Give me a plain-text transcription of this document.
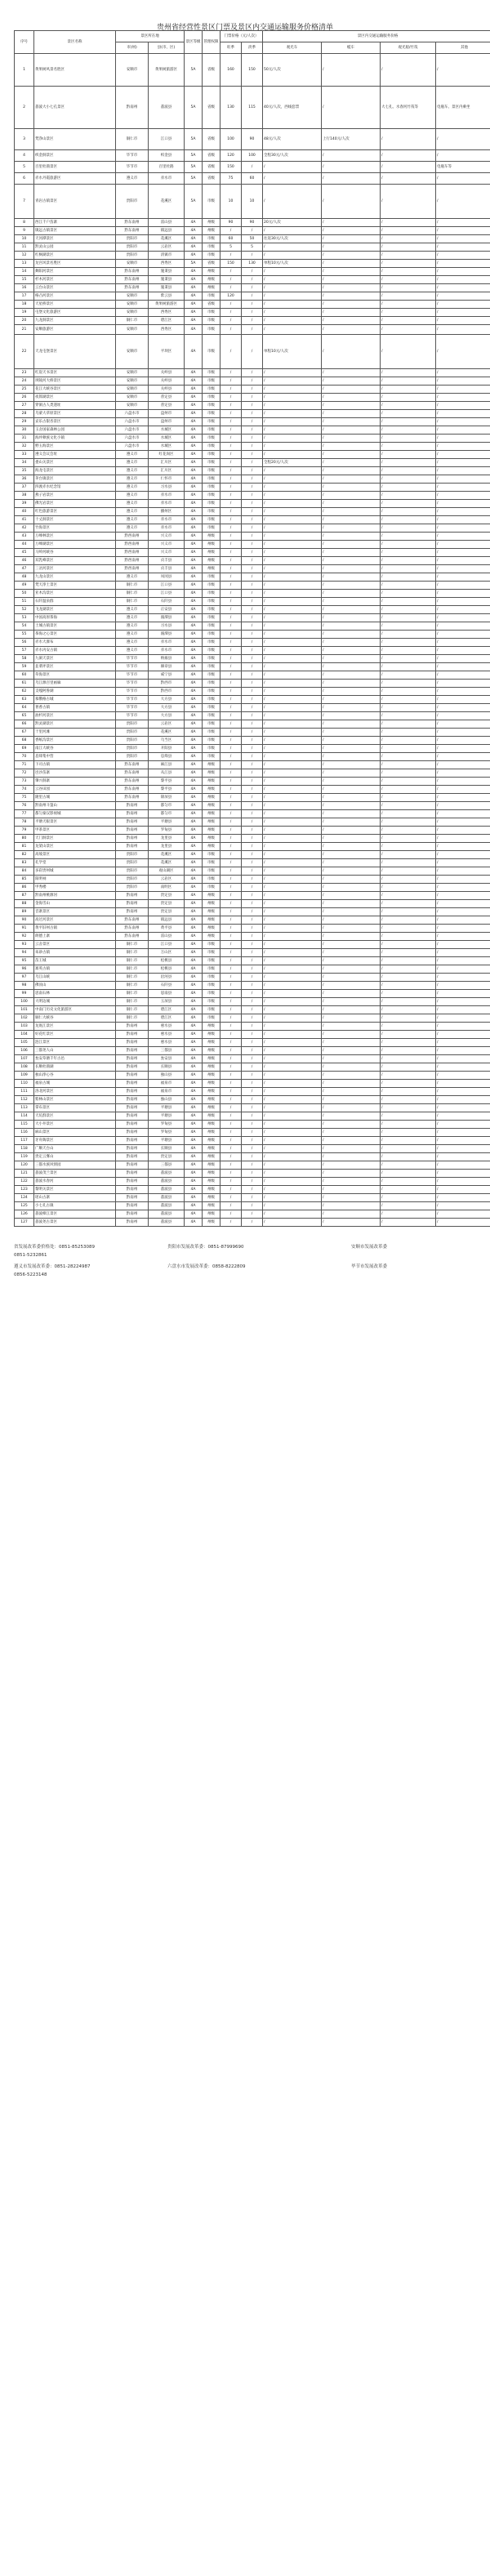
贵州省经营性景区门票及景区内交通运输服务价格清单
序号	景区名称	景区所在地		景区等级	管理权限	门票价格（元/人次）		景区内交通运输服务价格			
		市(州)	县(市、区)			旺季	淡季	观光车	缆车	观光船/竹筏	其他
1	黄果树风景名胜区	安顺市	黄果树旅游区	5A	省级	160	150	50元/人次	/	/	/
2	荔波大小七孔景区	黔南州	荔波县	5A	省级	130	115	40元/人次，西线套票	/	大七孔、水春河竹筏等	电瓶车、景区内乘坐
3	梵净山景区	铜仁市	江口县	5A	省级	100	90	48元/人次	上行140元/人次	/	/
4	织金洞景区	毕节市	织金县	5A	省级	120	100	全程30元/人次	/	/	/
5	百里杜鹃景区	毕节市	百里杜鹃	5A	省级	150	/	/	/	/	电瓶车等
6	赤水丹霞旅游区	遵义市	赤水市	5A	省级	75	60	/	/	/	/
7	青岩古镇景区	贵阳市	花溪区	5A	市级	10	10	/	/	/	/
8	西江千户苗寨	黔东南州	雷山县	4A	州级	90	90	20元/人次	/	/	/
9	镇远古镇景区	黔东南州	镇远县	4A	州级	/	/	/	/	/	/
10	天河潭景区	贵阳市	花溪区	4A	市级	60	50	往返30元/人次	/	/	/
11	黔灵山公园	贵阳市	云岩区	4A	市级	5	5	/	/	/	/
12	红枫湖景区	贵阳市	清镇市	4A	市级	/	/	/	/	/	/
13	龙宫风景名胜区	安顺市	西秀区	5A	省级	150	130	单程10元/人次	/	/	/
14	舞阳河景区	黔东南州	施秉县	4A	州级	/	/	/	/	/	/
15	杉木河景区	黔东南州	施秉县	4A	州级	/	/	/	/	/	/
16	云台山景区	黔东南州	施秉县	4A	州级	/	/	/	/	/	/
17	格凸河景区	安顺市	紫云县	4A	市级	120	/	/	/	/	/
18	天星桥景区	安顺市	黄果树旅游区	4A	省级	/	/	/	/	/	/
19	屯堡文化旅游区	安顺市	西秀区	4A	市级	/	/	/	/	/	/
20	九龙洞景区	铜仁市	碧江区	4A	市级	/	/	/	/	/	/
21	安顺旅游区	安顺市	西秀区	4A	市级	/	/	/	/	/	/
22	天龙屯堡景区	安顺市	平坝区	4A	市级	/	/	单程10元/人次	/	/	/
23	红崖天书景区	安顺市	关岭县	4A	市级	/	/	/	/	/	/
24	坝陵河大桥景区	安顺市	关岭县	4A	市级	/	/	/	/	/	/
25	花江大峡谷景区	安顺市	关岭县	4A	市级	/	/	/	/	/	/
26	夜郎湖景区	安顺市	普定县	4A	市级	/	/	/	/	/	/
27	穿洞古人类遗址	安顺市	普定县	4A	市级	/	/	/	/	/	/
28	乌蒙大草原景区	六盘水市	盘州市	4A	市级	/	/	/	/	/	/
29	妥乐古银杏景区	六盘水市	盘州市	4A	市级	/	/	/	/	/	/
30	玉舍国家森林公园	六盘水市	水城区	4A	市级	/	/	/	/	/	/
31	海坪彝族文化小镇	六盘水市	水城区	4A	市级	/	/	/	/	/	/
32	野玉海景区	六盘水市	水城区	4A	市级	/	/	/	/	/	/
33	遵义会议会址	遵义市	红花岗区	4A	市级	/	/	/	/	/	/
34	娄山关景区	遵义市	汇川区	4A	市级	/	/	全程20元/人次	/	/	/
35	海龙屯景区	遵义市	汇川区	4A	市级	/	/	/	/	/	/
36	茅台镇景区	遵义市	仁怀市	4A	市级	/	/	/	/	/	/
37	四渡赤水纪念馆	遵义市	习水县	4A	市级	/	/	/	/	/	/
38	燕子岩景区	遵义市	赤水市	4A	市级	/	/	/	/	/	/
39	佛光岩景区	遵义市	赤水市	4A	市级	/	/	/	/	/	/
40	红色旅游景区	遵义市	播州区	4A	市级	/	/	/	/	/	/
41	十丈洞景区	遵义市	赤水市	4A	市级	/	/	/	/	/	/
42	竹海景区	遵义市	赤水市	4A	市级	/	/	/	/	/	/
43	万峰林景区	黔西南州	兴义市	4A	州级	/	/	/	/	/	/
44	万峰湖景区	黔西南州	兴义市	4A	州级	/	/	/	/	/	/
45	马岭河峡谷	黔西南州	兴义市	4A	州级	/	/	/	/	/	/
46	双乳峰景区	黔西南州	贞丰县	4A	州级	/	/	/	/	/	/
47	三岔河景区	黔西南州	贞丰县	4A	州级	/	/	/	/	/	/
48	九龙山景区	遵义市	凤冈县	4A	市级	/	/	/	/	/	/
49	梵天净土景区	铜仁市	江口县	4A	市级	/	/	/	/	/	/
50	亚木沟景区	铜仁市	江口县	4A	市级	/	/	/	/	/	/
51	石阡温泉群	铜仁市	石阡县	4A	市级	/	/	/	/	/	/
52	飞龙湖景区	遵义市	正安县	4A	市级	/	/	/	/	/	/
53	中国高原茶海	遵义市	湄潭县	4A	市级	/	/	/	/	/	/
54	土城古镇景区	遵义市	习水县	4A	市级	/	/	/	/	/	/
55	茶海之心景区	遵义市	湄潭县	4A	市级	/	/	/	/	/	/
56	赤水大瀑布	遵义市	赤水市	4A	市级	/	/	/	/	/	/
57	赤水丙安古镇	遵义市	赤水市	4A	市级	/	/	/	/	/	/
58	九洞天景区	毕节市	纳雍县	4A	市级	/	/	/	/	/	/
59	韭菜坪景区	毕节市	赫章县	4A	市级	/	/	/	/	/	/
60	草海景区	毕节市	威宁县	4A	市级	/	/	/	/	/	/
61	乌江源百里画廊	毕节市	黔西市	4A	市级	/	/	/	/	/	/
62	支嘎阿鲁湖	毕节市	黔西市	4A	市级	/	/	/	/	/	/
63	慕俄格古城	毕节市	大方县	4A	市级	/	/	/	/	/	/
64	奢香古镇	毕节市	大方县	4A	市级	/	/	/	/	/	/
65	油杉河景区	毕节市	大方县	4A	市级	/	/	/	/	/	/
66	黔灵湖景区	贵阳市	云岩区	4A	市级	/	/	/	/	/	/
67	十里河滩	贵阳市	花溪区	4A	市级	/	/	/	/	/	/
68	香纸沟景区	贵阳市	乌当区	4A	市级	/	/	/	/	/	/
69	南江大峡谷	贵阳市	开阳县	4A	市级	/	/	/	/	/	/
70	息烽集中营	贵阳市	息烽县	4A	市级	/	/	/	/	/	/
71	下司古镇	黔东南州	麻江县	4A	州级	/	/	/	/	/	/
72	岜沙苗寨	黔东南州	从江县	4A	州级	/	/	/	/	/	/
73	肇兴侗寨	黔东南州	黎平县	4A	州级	/	/	/	/	/	/
74	云谷田园	黔东南州	黎平县	4A	州级	/	/	/	/	/	/
75	隆里古城	黔东南州	锦屏县	4A	州级	/	/	/	/	/	/
76	黔南州斗篷山	黔南州	都匀市	4A	州级	/	/	/	/	/	/
77	都匀秦汉影视城	黔南州	都匀市	4A	州级	/	/	/	/	/	/
78	平塘天眼景区	黔南州	平塘县	4A	州级	/	/	/	/	/	/
79	甲茶景区	黔南州	罗甸县	4A	州级	/	/	/	/	/	/
80	天门洞景区	黔南州	龙里县	4A	州级	/	/	/	/	/	/
81	龙架山景区	黔南州	龙里县	4A	州级	/	/	/	/	/	/
82	高坡景区	贵阳市	花溪区	4A	市级	/	/	/	/	/	/
83	孔学堂	贵阳市	花溪区	4A	市级	/	/	/	/	/	/
84	多彩贵州城	贵阳市	观山湖区	4A	市级	/	/	/	/	/	/
85	阳明祠	贵阳市	云岩区	4A	市级	/	/	/	/	/	/
86	甲秀楼	贵阳市	南明区	4A	市级	/	/	/	/	/	/
87	黔南州桃源河	黔南州	贵定县	4A	州级	/	/	/	/	/	/
88	金海雪山	黔南州	贵定县	4A	州级	/	/	/	/	/	/
89	音寨景区	黔南州	贵定县	4A	州级	/	/	/	/	/	/
90	高过河景区	黔东南州	镇远县	4A	州级	/	/	/	/	/	/
91	黄平旧州古镇	黔东南州	黄平县	4A	州级	/	/	/	/	/	/
92	朗德上寨	黔东南州	雷山县	4A	州级	/	/	/	/	/	/
93	云舍景区	铜仁市	江口县	4A	市级	/	/	/	/	/	/
94	朱砂古镇	铜仁市	万山区	4A	市级	/	/	/	/	/	/
95	苗王城	铜仁市	松桃县	4A	市级	/	/	/	/	/	/
96	寨英古镇	铜仁市	松桃县	4A	市级	/	/	/	/	/	/
97	乌江山峡	铜仁市	沿河县	4A	市级	/	/	/	/	/	/
98	佛顶山	铜仁市	石阡县	4A	市级	/	/	/	/	/	/
99	思南石林	铜仁市	思南县	4A	市级	/	/	/	/	/	/
100	大明边城	铜仁市	玉屏县	4A	市级	/	/	/	/	/	/
101	中南门历史文化旅游区	铜仁市	碧江区	4A	市级	/	/	/	/	/	/
102	铜仁大峡谷	铜仁市	碧江区	4A	市级	/	/	/	/	/	/
103	龙底江景区	黔南州	惠水县	4A	州级	/	/	/	/	/	/
104	好花红景区	黔南州	惠水县	4A	州级	/	/	/	/	/	/
105	涟江景区	黔南州	惠水县	4A	州级	/	/	/	/	/	/
106	三都尧人山	黔南州	三都县	4A	州级	/	/	/	/	/	/
107	瓮安草塘千年古邑	黔南州	瓮安县	4A	州级	/	/	/	/	/	/
108	长顺杜鹃湖	黔南州	长顺县	4A	州级	/	/	/	/	/	/
109	独山净心谷	黔南州	独山县	4A	州级	/	/	/	/	/	/
110	福泉古城	黔南州	福泉市	4A	州级	/	/	/	/	/	/
111	洛北河景区	黔南州	福泉市	4A	州级	/	/	/	/	/	/
112	紫林山景区	黔南州	独山县	4A	州级	/	/	/	/	/	/
113	掌布景区	黔南州	平塘县	4A	州级	/	/	/	/	/	/
114	天坑群景区	黔南州	平塘县	4A	州级	/	/	/	/	/	/
115	大小井景区	黔南州	罗甸县	4A	州级	/	/	/	/	/	/
116	麻山景区	黔南州	罗甸县	4A	州级	/	/	/	/	/	/
117	牙舟陶景区	黔南州	平塘县	4A	州级	/	/	/	/	/	/
118	广顺天台山	黔南州	长顺县	4A	州级	/	/	/	/	/	/
119	贵定云雾山	黔南州	贵定县	4A	州级	/	/	/	/	/	/
120	三都水族风情园	黔南州	三都县	4A	州级	/	/	/	/	/	/
121	荔波茂兰景区	黔南州	荔波县	4A	州级	/	/	/	/	/	/
122	荔波水春河	黔南州	荔波县	4A	州级	/	/	/	/	/	/
123	黎明关景区	黔南州	荔波县	4A	州级	/	/	/	/	/	/
124	瑶山古寨	黔南州	荔波县	4A	州级	/	/	/	/	/	/
125	小七孔古镇	黔南州	荔波县	4A	州级	/	/	/	/	/	/
126	荔波樟江景区	黔南州	荔波县	4A	州级	/	/	/	/	/	/
127	荔波尧古景区	黔南州	荔波县	4A	州级	/	/	/	/	/	/
省发展改革委价格处：0851-85253089	贵阳市发展改革委：0851-87999690	安顺市发展改革委
0851-5232861
遵义市发展改革委：0851-28224987	六盘水市发展改革委：0858-8222809	毕节市发展改革委
0856-5223148
